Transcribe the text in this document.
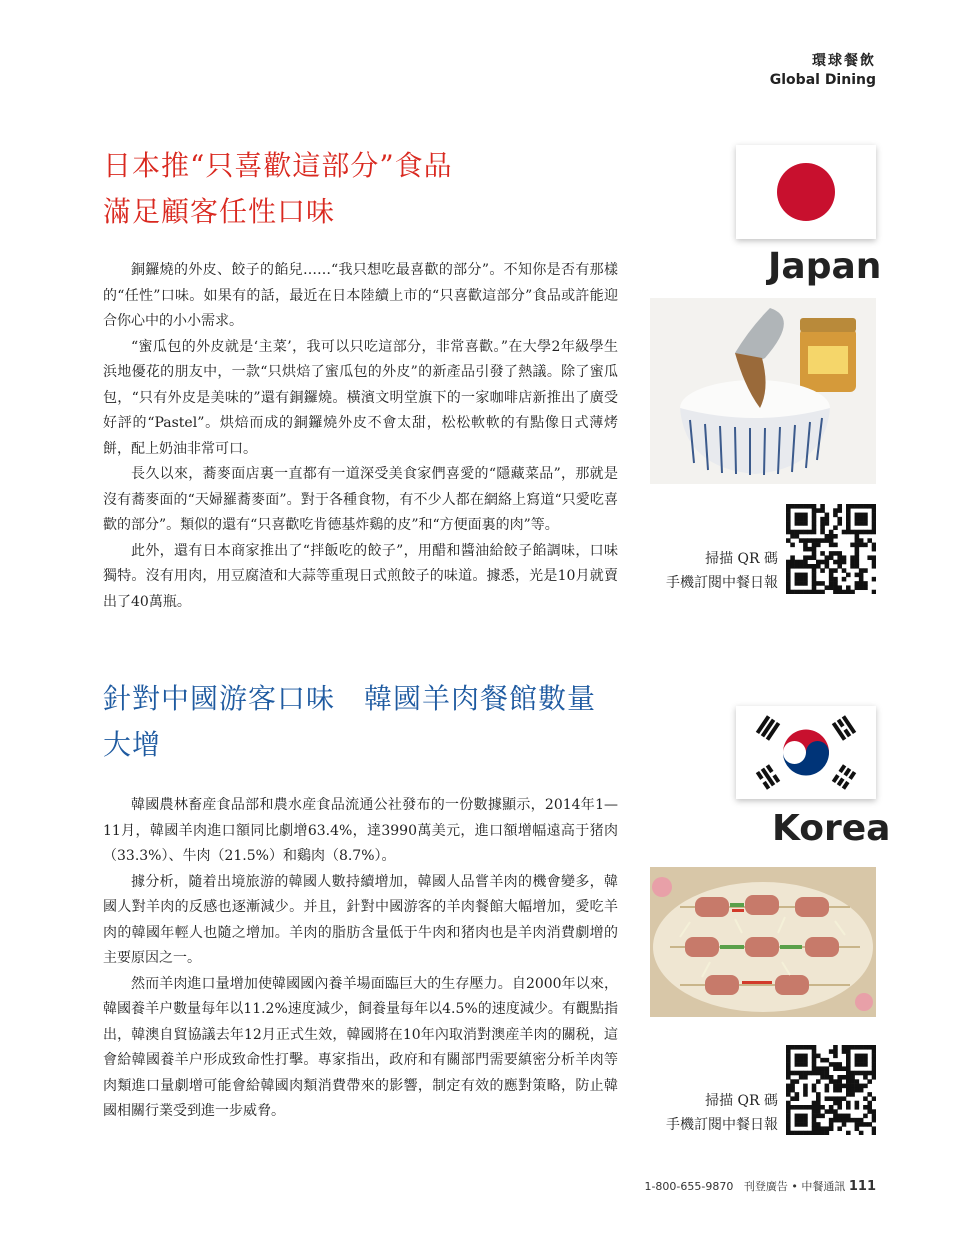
環球餐飲
Global Dining
日本推“只喜歡這部分”食品
滿足顧客任性口味

銅鑼燒的外皮、餃子的餡兒……“我只想吃最喜歡的部分”。不知你是否有那樣的“任性”口味。如果有的話，最近在日本陸續上市的“只喜歡這部分”食品或許能迎合你心中的小小需求。

“蜜瓜包的外皮就是‘主菜’，我可以只吃這部分，非常喜歡。”在大學2年級學生浜地優花的朋友中，一款“只烘焙了蜜瓜包的外皮”的新產品引發了熱議。除了蜜瓜包，“只有外皮是美味的”還有銅鑼燒。橫濱文明堂旗下的一家咖啡店新推出了廣受好評的“Pastel”。烘焙而成的銅鑼燒外皮不會太甜，松松軟軟的有點像日式薄烤餅，配上奶油非常可口。

長久以來，蕎麥面店裏一直都有一道深受美食家們喜愛的“隱藏菜品”，那就是沒有蕎麥面的“天婦羅蕎麥面”。對于各種食物，有不少人都在網絡上寫道“只愛吃喜歡的部分”。類似的還有“只喜歡吃肯德基炸鷄的皮”和“方便面裏的肉”等。

此外，還有日本商家推出了“拌飯吃的餃子”，用醋和醬油給餃子餡調味，口味獨特。沒有用肉，用豆腐渣和大蒜等重現日式煎餃子的味道。據悉，光是10月就賣出了40萬瓶。

針對中國游客口味　韓國羊肉餐館數量
大增

韓國農林畜産食品部和農水産食品流通公社發布的一份數據顯示，2014年1—11月，韓國羊肉進口額同比劇增63.4%，達3990萬美元，進口額增幅遠高于猪肉（33.3%）、牛肉（21.5%）和鷄肉（8.7%）。

據分析，隨着出境旅游的韓國人數持續增加，韓國人品嘗羊肉的機會變多，韓國人對羊肉的反感也逐漸減少。并且，針對中國游客的羊肉餐館大幅增加，愛吃羊肉的韓國年輕人也隨之增加。羊肉的脂肪含量低于牛肉和猪肉也是羊肉消費劇增的主要原因之一。

然而羊肉進口量增加使韓國國內養羊場面臨巨大的生存壓力。自2000年以來，韓國養羊户數量每年以11.2%速度減少，飼養量每年以4.5%的速度減少。有觀點指出，韓澳自貿協議去年12月正式生效，韓國將在10年內取消對澳産羊肉的關税，這會給韓國養羊户形成致命性打擊。專家指出，政府和有關部門需要縝密分析羊肉等肉類進口量劇增可能會給韓國肉類消費帶來的影響，制定有效的應對策略，防止韓國相關行業受到進一步威脅。

Japan
掃描 QR 碼
手機訂閱中餐日報
Korea
掃描 QR 碼
手機訂閱中餐日報
1-800-655-9870 刊登廣告 • 中餐通訊 111
